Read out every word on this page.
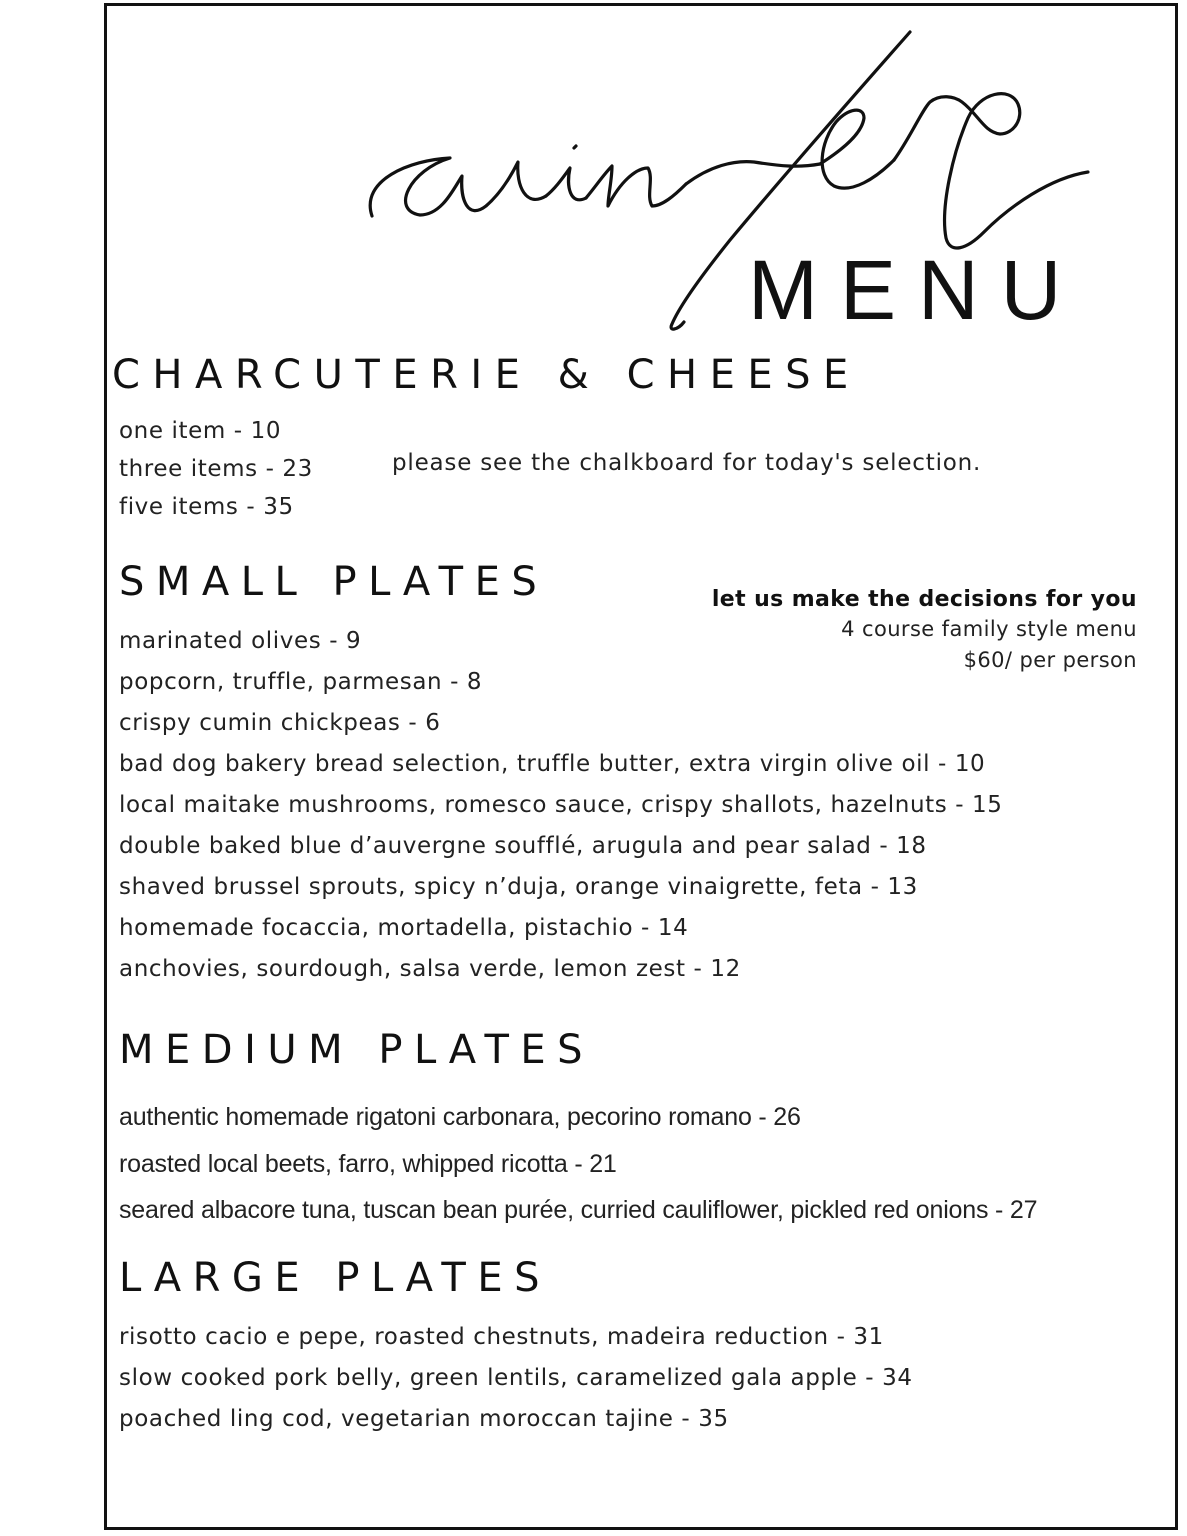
MENU
CHARCUTERIE & CHEESE
one item - 10
three items - 23
five items - 35
please see the chalkboard for today's selection.
SMALL PLATES	let us make the decisions for you
4 course family style menu
$60/ per person
marinated olives - 9
popcorn, truffle, parmesan - 8
crispy cumin chickpeas - 6
bad dog bakery bread selection, truffle butter, extra virgin olive oil - 10
local maitake mushrooms, romesco sauce, crispy shallots, hazelnuts - 15
double baked blue d’auvergne soufflé, arugula and pear salad - 18
shaved brussel sprouts, spicy n’duja, orange vinaigrette, feta - 13
homemade focaccia, mortadella, pistachio - 14
anchovies, sourdough, salsa verde, lemon zest - 12
MEDIUM PLATES
authentic homemade rigatoni carbonara, pecorino romano - 26
roasted local beets, farro, whipped ricotta - 21
seared albacore tuna, tuscan bean purée, curried cauliflower, pickled red onions - 27
LARGE PLATES
risotto cacio e pepe, roasted chestnuts, madeira reduction - 31
slow cooked pork belly, green lentils, caramelized gala apple - 34
poached ling cod, vegetarian moroccan tajine - 35
